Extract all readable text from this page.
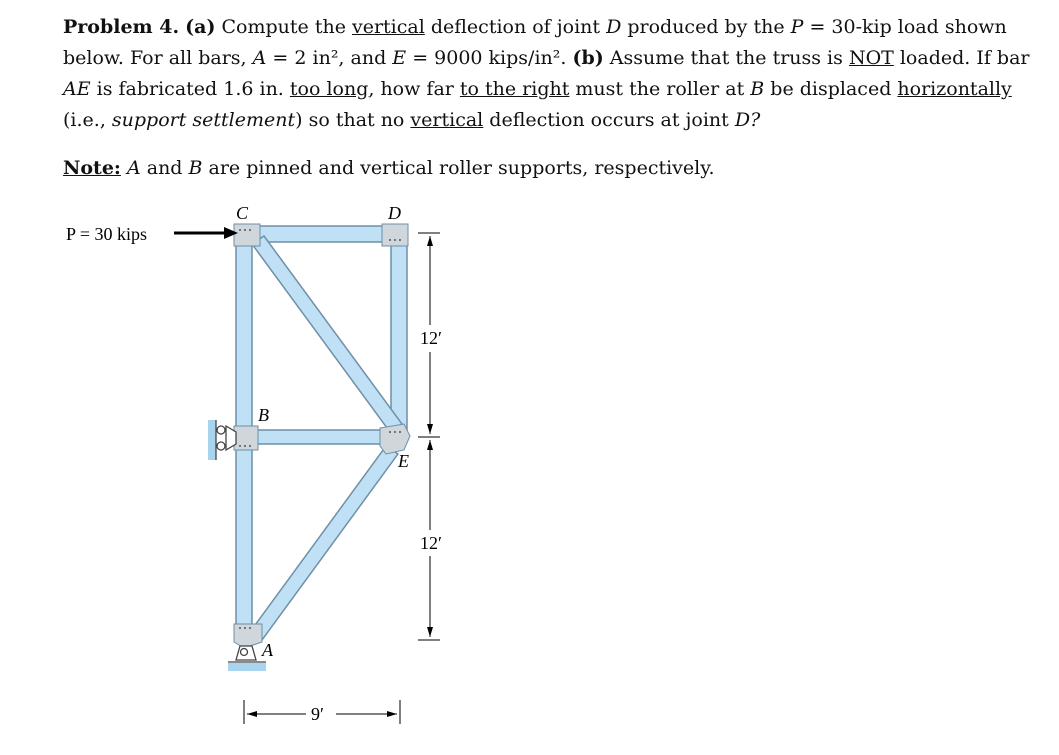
Problem 4. (a) Compute the vertical deflection of joint D produced by the P = 30-kip load shown below. For all bars, A = 2 in², and E = 9000 kips/in². (b) Assume that the truss is NOT loaded. If bar AE is fabricated 1.6 in. too long, how far to the right must the roller at B be displaced horizontally (i.e., support settlement) so that no vertical deflection occurs at joint D?

Note: A and B are pinned and vertical roller supports, respectively.
P = 30 kips
C	D
B
E
A
12′
12′
9′
